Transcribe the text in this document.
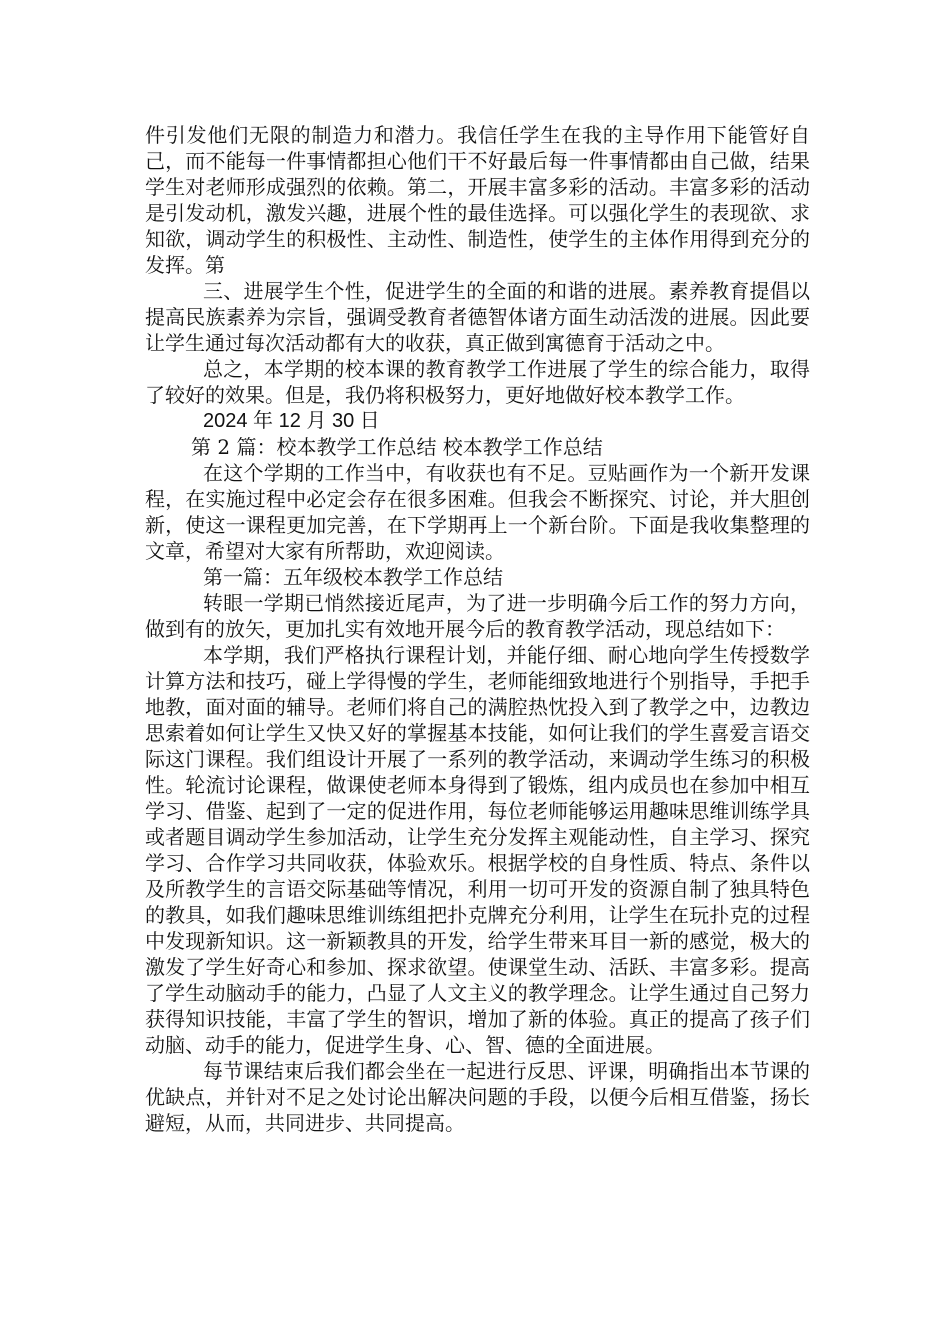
件引发他们无限的制造力和潜力。我信任学生在我的主导作用下能管好自己，而不能每一件事情都担心他们干不好最后每一件事情都由自己做，结果学生对老师形成强烈的依赖。第二，开展丰富多彩的活动。丰富多彩的活动是引发动机，激发兴趣，进展个性的最佳选择。可以强化学生的表现欲、求知欲，调动学生的积极性、主动性、制造性，使学生的主体作用得到充分的发挥。第

三、进展学生个性，促进学生的全面的和谐的进展。素养教育提倡以提高民族素养为宗旨，强调受教育者德智体诸方面生动活泼的进展。因此要让学生通过每次活动都有大的收获，真正做到寓德育于活动之中。

总之，本学期的校本课的教育教学工作进展了学生的综合能力，取得了较好的效果。但是，我仍将积极努力，更好地做好校本教学工作。

2024 年 12 月 30 日

第 2 篇：校本教学工作总结 校本教学工作总结

在这个学期的工作当中，有收获也有不足。豆贴画作为一个新开发课程，在实施过程中必定会存在很多困难。但我会不断探究、讨论，并大胆创新，使这一课程更加完善，在下学期再上一个新台阶。下面是我收集整理的文章，希望对大家有所帮助，欢迎阅读。

第一篇：五年级校本教学工作总结

转眼一学期已悄然接近尾声，为了进一步明确今后工作的努力方向，做到有的放矢，更加扎实有效地开展今后的教育教学活动，现总结如下：

本学期，我们严格执行课程计划，并能仔细、耐心地向学生传授数学计算方法和技巧，碰上学得慢的学生，老师能细致地进行个别指导，手把手地教，面对面的辅导。老师们将自己的满腔热忱投入到了教学之中，边教边思索着如何让学生又快又好的掌握基本技能，如何让我们的学生喜爱言语交际这门课程。我们组设计开展了一系列的教学活动，来调动学生练习的积极性。轮流讨论课程，做课使老师本身得到了锻炼，组内成员也在参加中相互学习、借鉴、起到了一定的促进作用，每位老师能够运用趣味思维训练学具或者题目调动学生参加活动，让学生充分发挥主观能动性，自主学习、探究学习、合作学习共同收获，体验欢乐。根据学校的自身性质、特点、条件以及所教学生的言语交际基础等情况，利用一切可开发的资源自制了独具特色的教具，如我们趣味思维训练组把扑克牌充分利用，让学生在玩扑克的过程中发现新知识。这一新颖教具的开发，给学生带来耳目一新的感觉，极大的激发了学生好奇心和参加、探求欲望。使课堂生动、活跃、丰富多彩。提高了学生动脑动手的能力，凸显了人文主义的教学理念。让学生通过自己努力获得知识技能，丰富了学生的智识，增加了新的体验。真正的提高了孩子们动脑、动手的能力，促进学生身、心、智、德的全面进展。

每节课结束后我们都会坐在一起进行反思、评课，明确指出本节课的优缺点，并针对不足之处讨论出解决问题的手段，以便今后相互借鉴，扬长避短，从而，共同进步、共同提高。
